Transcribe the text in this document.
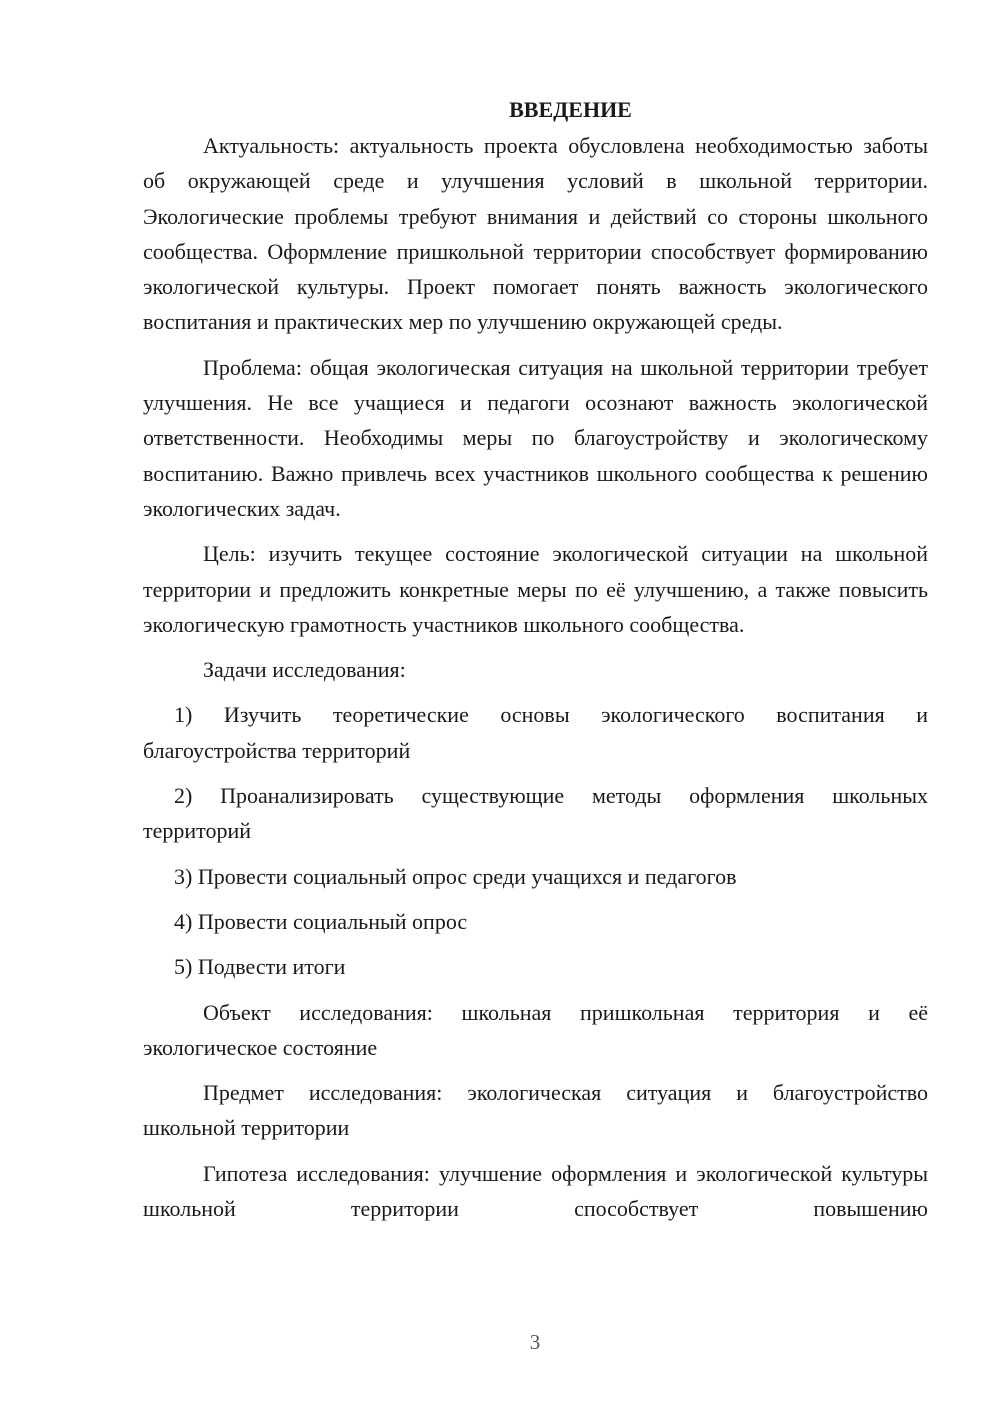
ВВЕДЕНИЕ

Актуальность: актуальность проекта обусловлена необходимостью заботы об окружающей среде и улучшения условий в школьной территории. Экологические проблемы требуют внимания и действий со стороны школьного сообщества. Оформление пришкольной территории способствует формированию экологической культуры. Проект помогает понять важность экологического воспитания и практических мер по улучшению окружающей среды.

Проблема: общая экологическая ситуация на школьной территории требует улучшения. Не все учащиеся и педагоги осознают важность экологической ответственности. Необходимы меры по благоустройству и экологическому воспитанию. Важно привлечь всех участников школьного сообщества к решению экологических задач.

Цель: изучить текущее состояние экологической ситуации на школьной территории и предложить конкретные меры по её улучшению, а также повысить экологическую грамотность участников школьного сообщества.

Задачи исследования:

1) Изучить теоретические основы экологического воспитания и благоустройства территорий

2) Проанализировать существующие методы оформления школьных территорий

3) Провести социальный опрос среди учащихся и педагогов

4) Провести социальный опрос

5) Подвести итоги

Объект исследования: школьная пришкольная территория и её экологическое состояние

Предмет исследования: экологическая ситуация и благоустройство школьной территории

Гипотеза исследования: улучшение оформления и экологической культуры школьной территории способствует повышению

3
